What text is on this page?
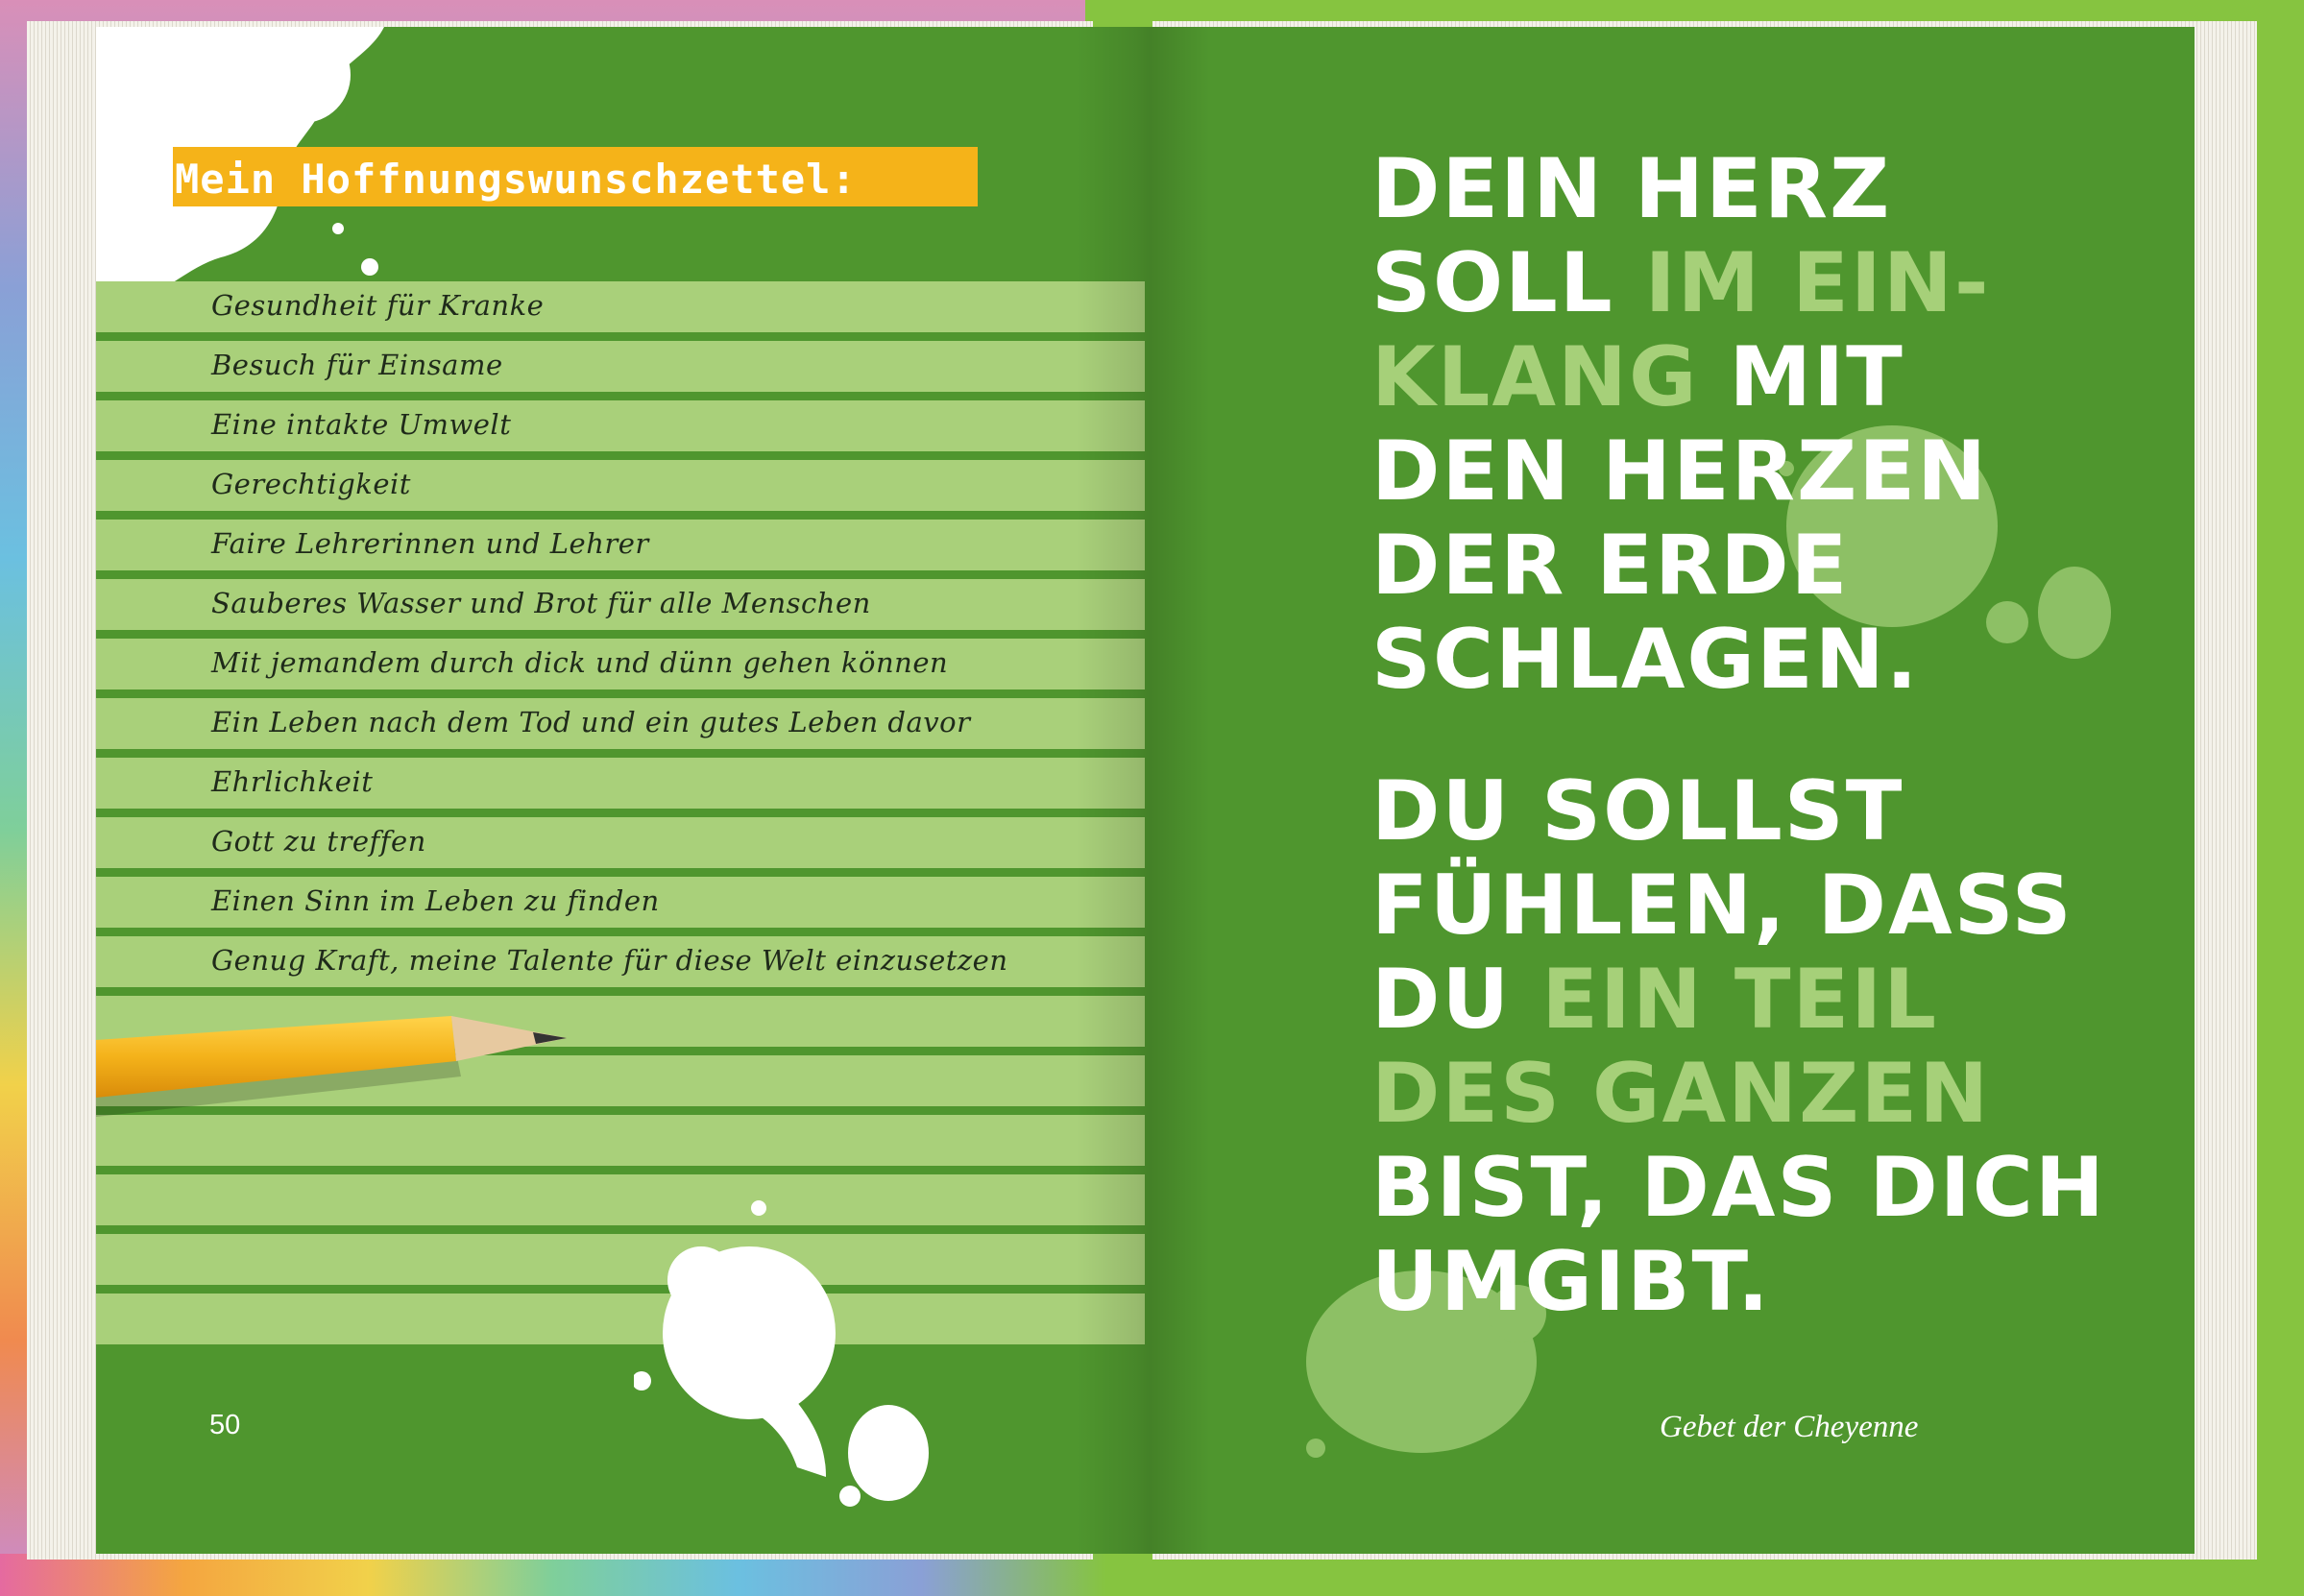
Mein Hoffnungswunschzettel:
Gesundheit für Kranke
Besuch für Einsame
Eine intakte Umwelt
Gerechtigkeit
Faire Lehrerinnen und Lehrer
Sauberes Wasser und Brot für alle Menschen
Mit jemandem durch dick und dünn gehen können
Ein Leben nach dem Tod und ein gutes Leben davor
Ehrlichkeit
Gott zu treffen
Einen Sinn im Leben zu finden
Genug Kraft, meine Talente für diese Welt einzusetzen
50
DEIN HERZ
SOLL IM EIN-
KLANG MIT
DEN HERZEN
DER ERDE
SCHLAGEN.
DU SOLLST
FÜHLEN, DASS
DU EIN TEIL
DES GANZEN
BIST, DAS DICH
UMGIBT.
Gebet der Cheyenne
